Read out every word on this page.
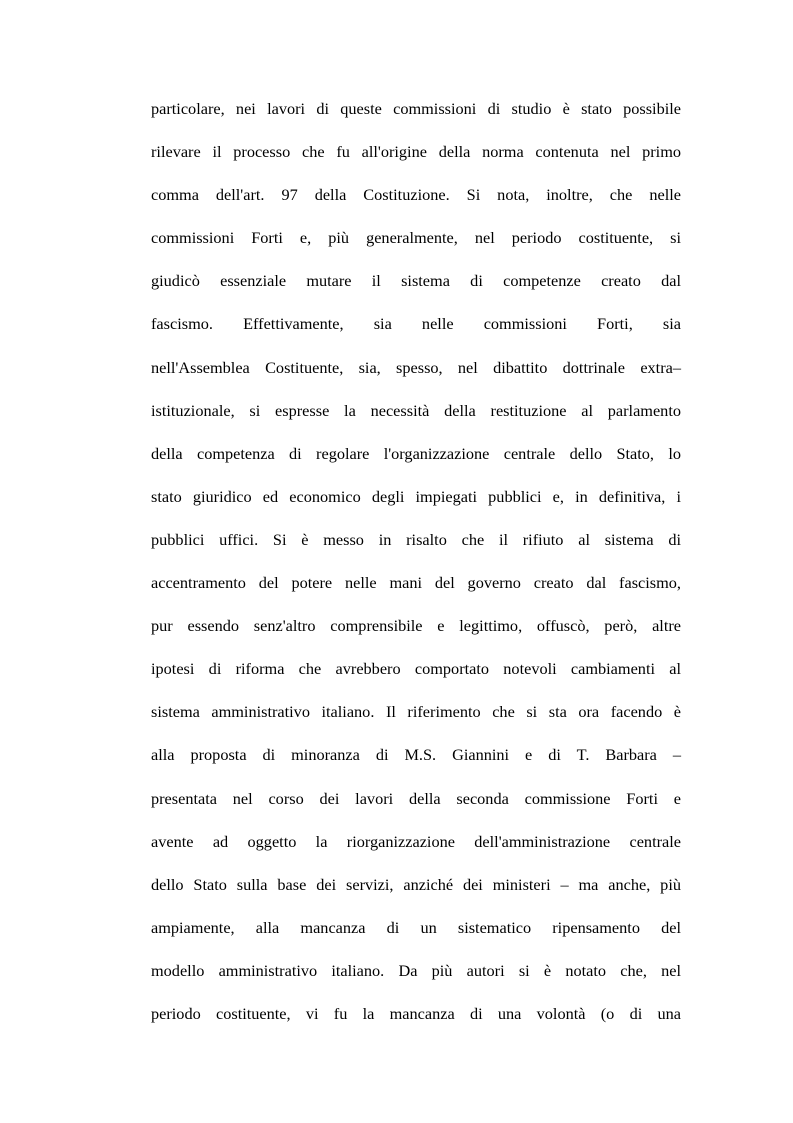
particolare, nei lavori di queste commissioni di studio è stato possibile
rilevare il processo che fu all'origine della norma contenuta nel primo
comma dell'art. 97 della Costituzione. Si nota, inoltre, che nelle
commissioni Forti e, più generalmente, nel periodo costituente, si
giudicò essenziale mutare il sistema di competenze creato dal
fascismo. Effettivamente, sia nelle commissioni Forti, sia
nell'Assemblea Costituente, sia, spesso, nel dibattito dottrinale extra–
istituzionale, si espresse la necessità della restituzione al parlamento
della competenza di regolare l'organizzazione centrale dello Stato, lo
stato giuridico ed economico degli impiegati pubblici e, in definitiva, i
pubblici uffici. Si è messo in risalto che il rifiuto al sistema di
accentramento del potere nelle mani del governo creato dal fascismo,
pur essendo senz'altro comprensibile e legittimo, offuscò, però, altre
ipotesi di riforma che avrebbero comportato notevoli cambiamenti al
sistema amministrativo italiano. Il riferimento che si sta ora facendo è
alla proposta di minoranza di M.S. Giannini e di T. Barbara –
presentata nel corso dei lavori della seconda commissione Forti e
avente ad oggetto la riorganizzazione dell'amministrazione centrale
dello Stato sulla base dei servizi, anziché dei ministeri – ma anche, più
ampiamente, alla mancanza di un sistematico ripensamento del
modello amministrativo italiano. Da più autori si è notato che, nel
periodo costituente, vi fu la mancanza di una volontà (o di una
